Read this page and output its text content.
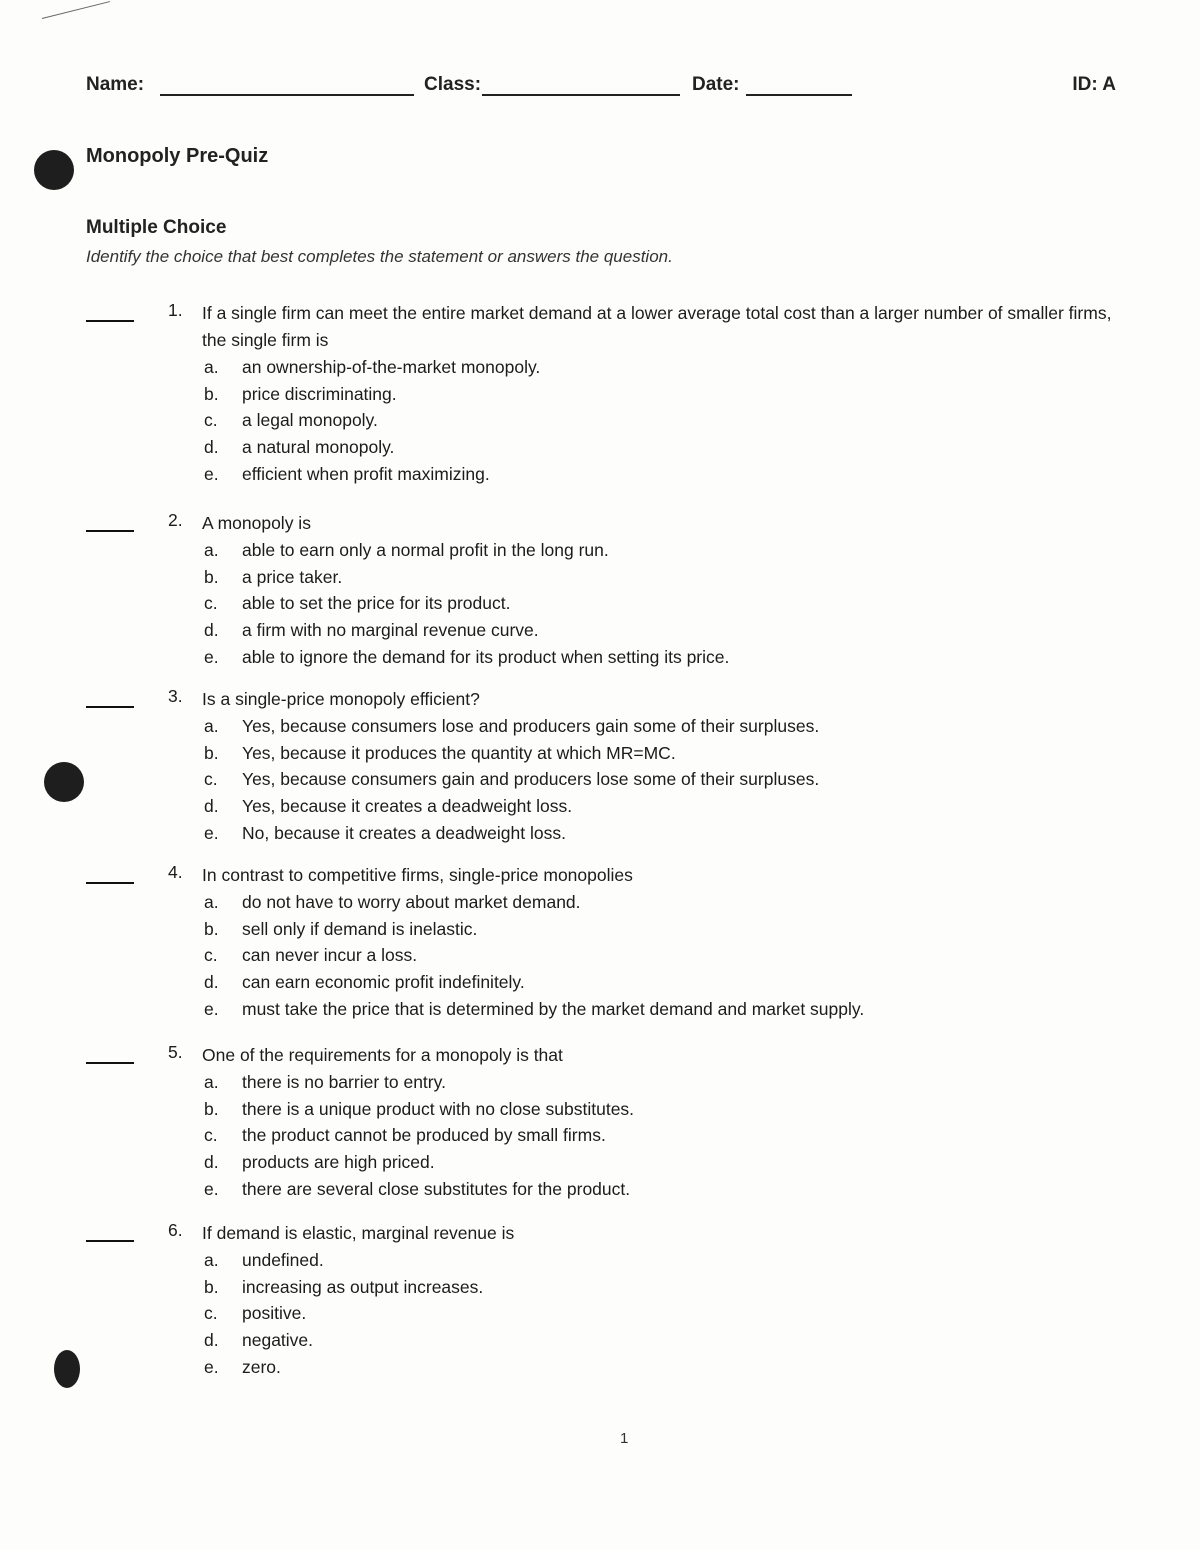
Name:	Class:	Date:	ID: A
Monopoly Pre-Quiz
Multiple Choice
Identify the choice that best completes the statement or answers the question.
1. If a single firm can meet the entire market demand at a lower average total cost than a larger number of smaller firms, the single firm is
a. an ownership-of-the-market monopoly.
b. price discriminating.
c. a legal monopoly.
d. a natural monopoly.
e. efficient when profit maximizing.
2. A monopoly is
a. able to earn only a normal profit in the long run.
b. a price taker.
c. able to set the price for its product.
d. a firm with no marginal revenue curve.
e. able to ignore the demand for its product when setting its price.
3. Is a single-price monopoly efficient?
a. Yes, because consumers lose and producers gain some of their surpluses.
b. Yes, because it produces the quantity at which MR=MC.
c. Yes, because consumers gain and producers lose some of their surpluses.
d. Yes, because it creates a deadweight loss.
e. No, because it creates a deadweight loss.
4. In contrast to competitive firms, single-price monopolies
a. do not have to worry about market demand.
b. sell only if demand is inelastic.
c. can never incur a loss.
d. can earn economic profit indefinitely.
e. must take the price that is determined by the market demand and market supply.
5. One of the requirements for a monopoly is that
a. there is no barrier to entry.
b. there is a unique product with no close substitutes.
c. the product cannot be produced by small firms.
d. products are high priced.
e. there are several close substitutes for the product.
6. If demand is elastic, marginal revenue is
a. undefined.
b. increasing as output increases.
c. positive.
d. negative.
e. zero.
1
